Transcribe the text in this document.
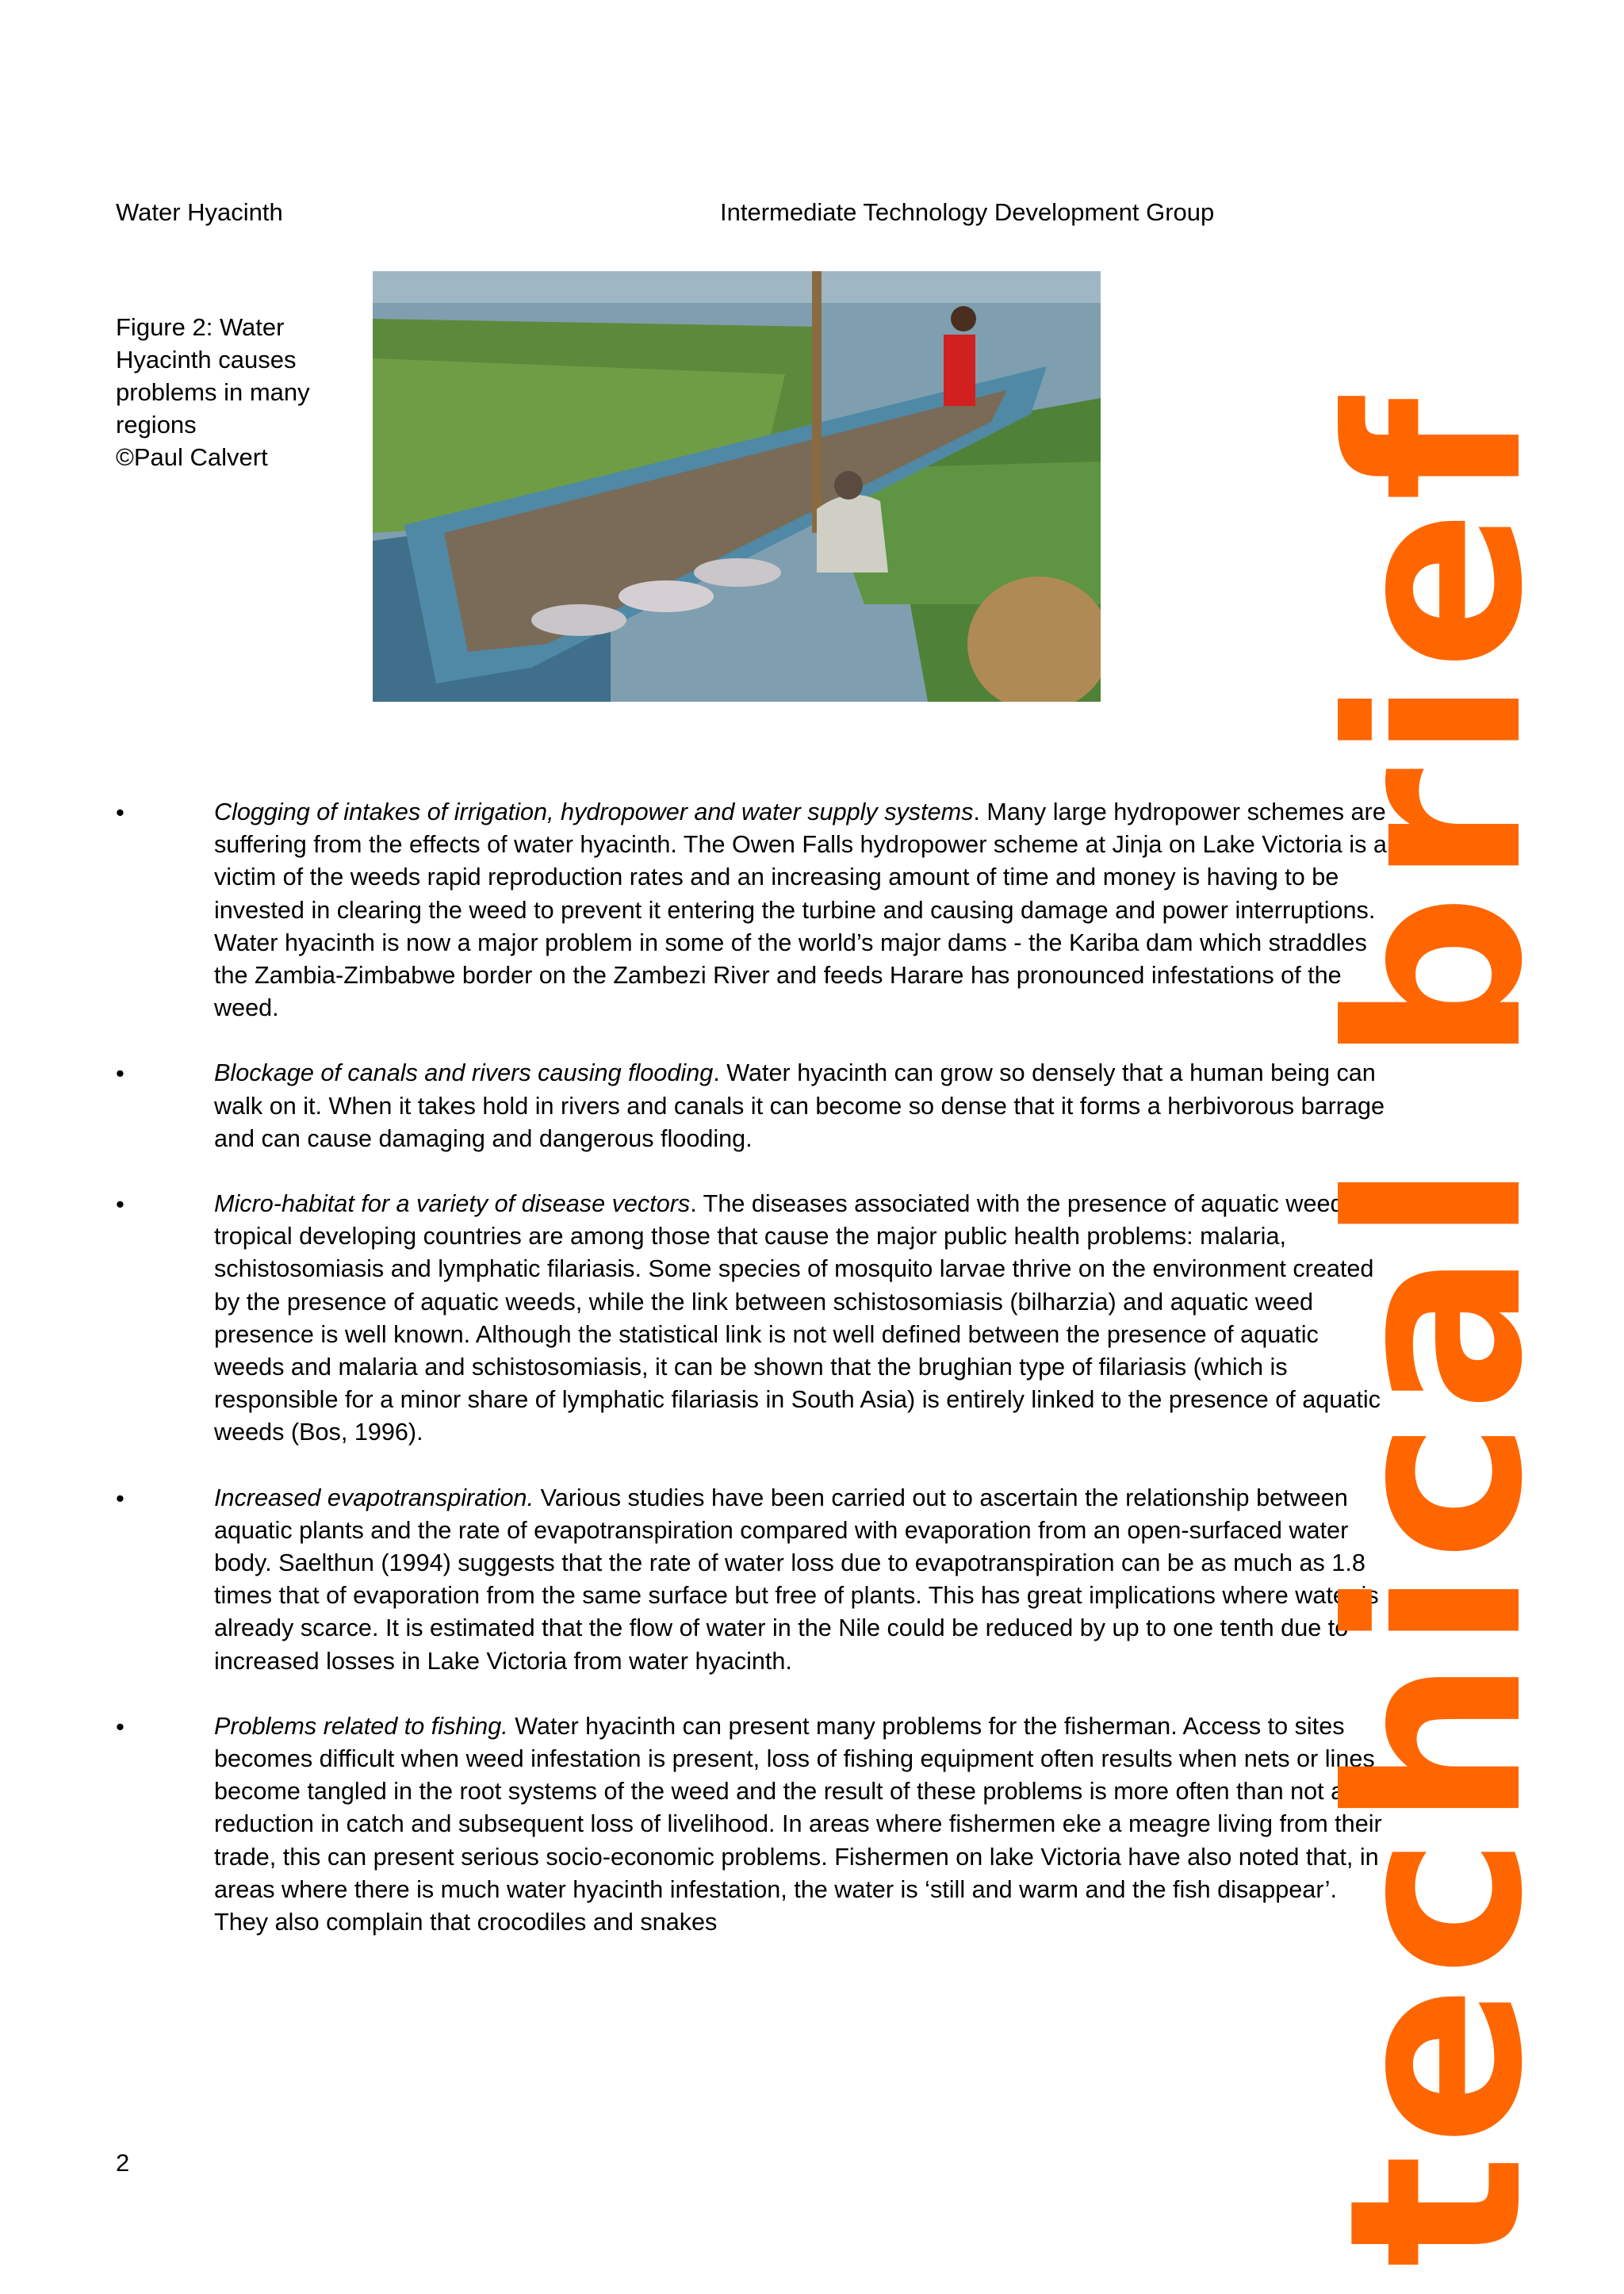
Water Hyacinth	Intermediate Technology Development Group
Figure 2: Water
Hyacinth causes
problems in many
regions
©Paul Calvert
•	Clogging of intakes of irrigation, hydropower and water supply systems. Many large hydropower schemes are suffering from the effects of water hyacinth. The Owen Falls hydropower scheme at Jinja on Lake Victoria is a victim of the weeds rapid reproduction rates and an increasing amount of time and money is having to be invested in clearing the weed to prevent it entering the turbine and causing damage and power interruptions. Water hyacinth is now a major problem in some of the world’s major dams - the Kariba dam which straddles the Zambia-Zimbabwe border on the Zambezi River and feeds Harare has pronounced infestations of the weed.
•	Blockage of canals and rivers causing flooding. Water hyacinth can grow so densely that a human being can walk on it. When it takes hold in rivers and canals it can become so dense that it forms a herbivorous barrage and can cause damaging and dangerous flooding.
•	Micro-habitat for a variety of disease vectors. The diseases associated with the presence of aquatic weeds in tropical developing countries are among those that cause the major public health problems: malaria, schistosomiasis and lymphatic filariasis. Some species of mosquito larvae thrive on the environment created by the presence of aquatic weeds, while the link between schistosomiasis (bilharzia) and aquatic weed presence is well known. Although the statistical link is not well defined between the presence of aquatic weeds and malaria and schistosomiasis, it can be shown that the brughian type of filariasis (which is responsible for a minor share of lymphatic filariasis in South Asia) is entirely linked to the presence of aquatic weeds (Bos, 1996).
•	Increased evapotranspiration. Various studies have been carried out to ascertain the relationship between aquatic plants and the rate of evapotranspiration compared with evaporation from an open-surfaced water body. Saelthun (1994) suggests that the rate of water loss due to evapotranspiration can be as much as 1.8 times that of evaporation from the same surface but free of plants. This has great implications where water is already scarce. It is estimated that the flow of water in the Nile could be reduced by up to one tenth due to increased losses in Lake Victoria from water hyacinth.
•	Problems related to fishing. Water hyacinth can present many problems for the fisherman. Access to sites becomes difficult when weed infestation is present, loss of fishing equipment often results when nets or lines become tangled in the root systems of the weed and the result of these problems is more often than not a reduction in catch and subsequent loss of livelihood. In areas where fishermen eke a meagre living from their trade, this can present serious socio-economic problems. Fishermen on lake Victoria have also noted that, in areas where there is much water hyacinth infestation, the water is ‘still and warm and the fish disappear’. They also complain that crocodiles and snakes
2	techical brief
